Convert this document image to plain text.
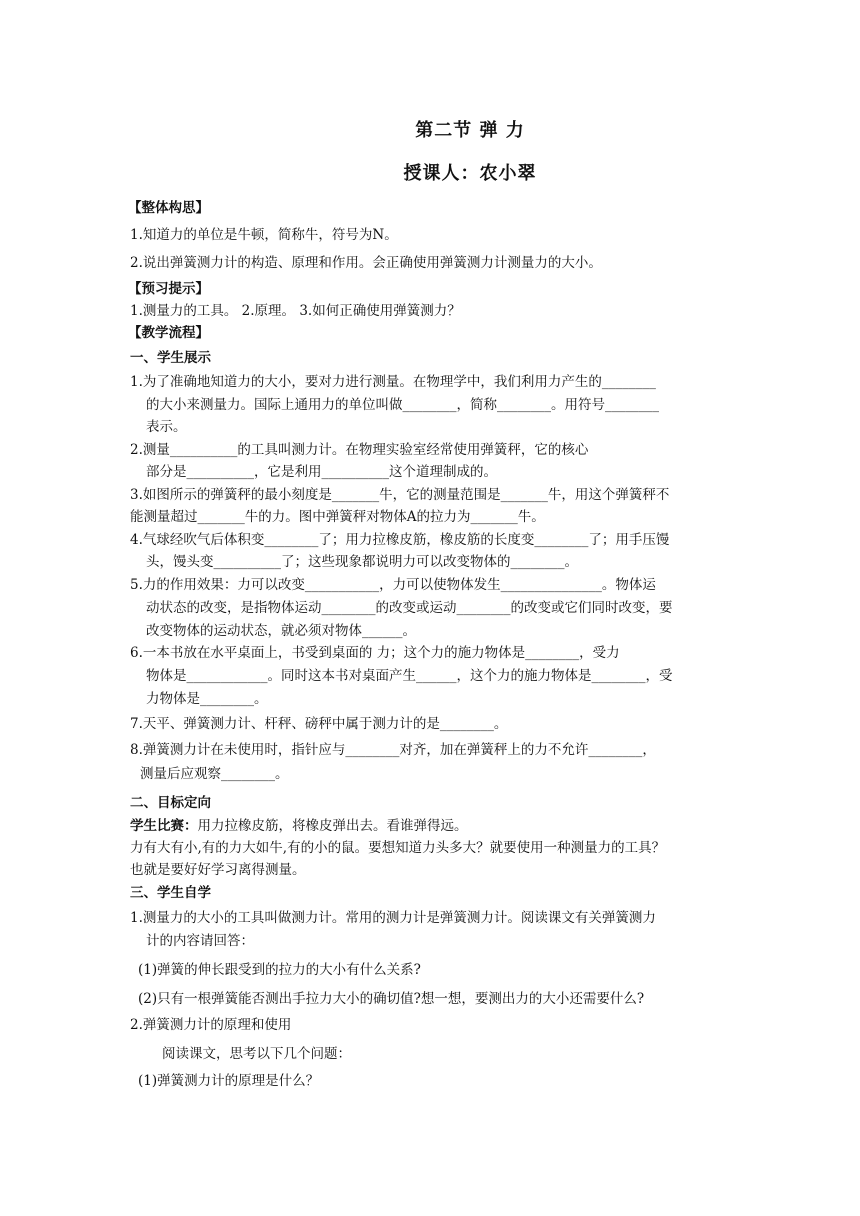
第二节 弹 力
授课人：农小翠
【整体构思】
1.知道力的单位是牛顿，简称牛，符号为N。
2.说出弹簧测力计的构造、原理和作用。会正确使用弹簧测力计测量力的大小。
【预习提示】
1.测量力的工具。 2.原理。 3.如何正确使用弹簧测力？
【教学流程】
一、学生展示
1.为了准确地知道力的大小，要对力进行测量。在物理学中，我们利用力产生的________
的大小来测量力。国际上通用力的单位叫做________，简称________。用符号________
表示。
2.测量__________的工具叫测力计。在物理实验室经常使用弹簧秤，它的核心
部分是__________，它是利用__________这个道理制成的。
3.如图所示的弹簧秤的最小刻度是_______牛，它的测量范围是_______牛，用这个弹簧秤不
能测量超过_______牛的力。图中弹簧秤对物体A的拉力为_______牛。
4.气球经吹气后体积变________了；用力拉橡皮筋，橡皮筋的长度变________了；用手压馒
头，馒头变__________了；这些现象都说明力可以改变物体的________。
5.力的作用效果：力可以改变___________，力可以使物体发生_______________。物体运
动状态的改变，是指物体运动________的改变或运动________的改变或它们同时改变，要
改变物体的运动状态，就必须对物体______。
6.一本书放在水平桌面上，书受到桌面的 力；这个力的施力物体是________，受力
物体是____________。同时这本书对桌面产生______，这个力的施力物体是________，受
力物体是________。
7.天平、弹簧测力计、杆秤、磅秤中属于测力计的是________。
8.弹簧测力计在未使用时，指针应与________对齐，加在弹簧秤上的力不允许________，
测量后应观察________。
二、目标定向
学生比赛：用力拉橡皮筋，将橡皮弹出去。看谁弹得远。
力有大有小,有的力大如牛,有的小的鼠。要想知道力头多大？就要使用一种测量力的工具？
也就是要好好学习离得测量。
三、学生自学
1.测量力的大小的工具叫做测力计。常用的测力计是弹簧测力计。阅读课文有关弹簧测力
计的内容请回答：
(1)弹簧的伸长跟受到的拉力的大小有什么关系?
(2)只有一根弹簧能否测出手拉力大小的确切值?想一想，要测出力的大小还需要什么?
2.弹簧测力计的原理和使用
阅读课文，思考以下几个问题：
(1)弹簧测力计的原理是什么？
